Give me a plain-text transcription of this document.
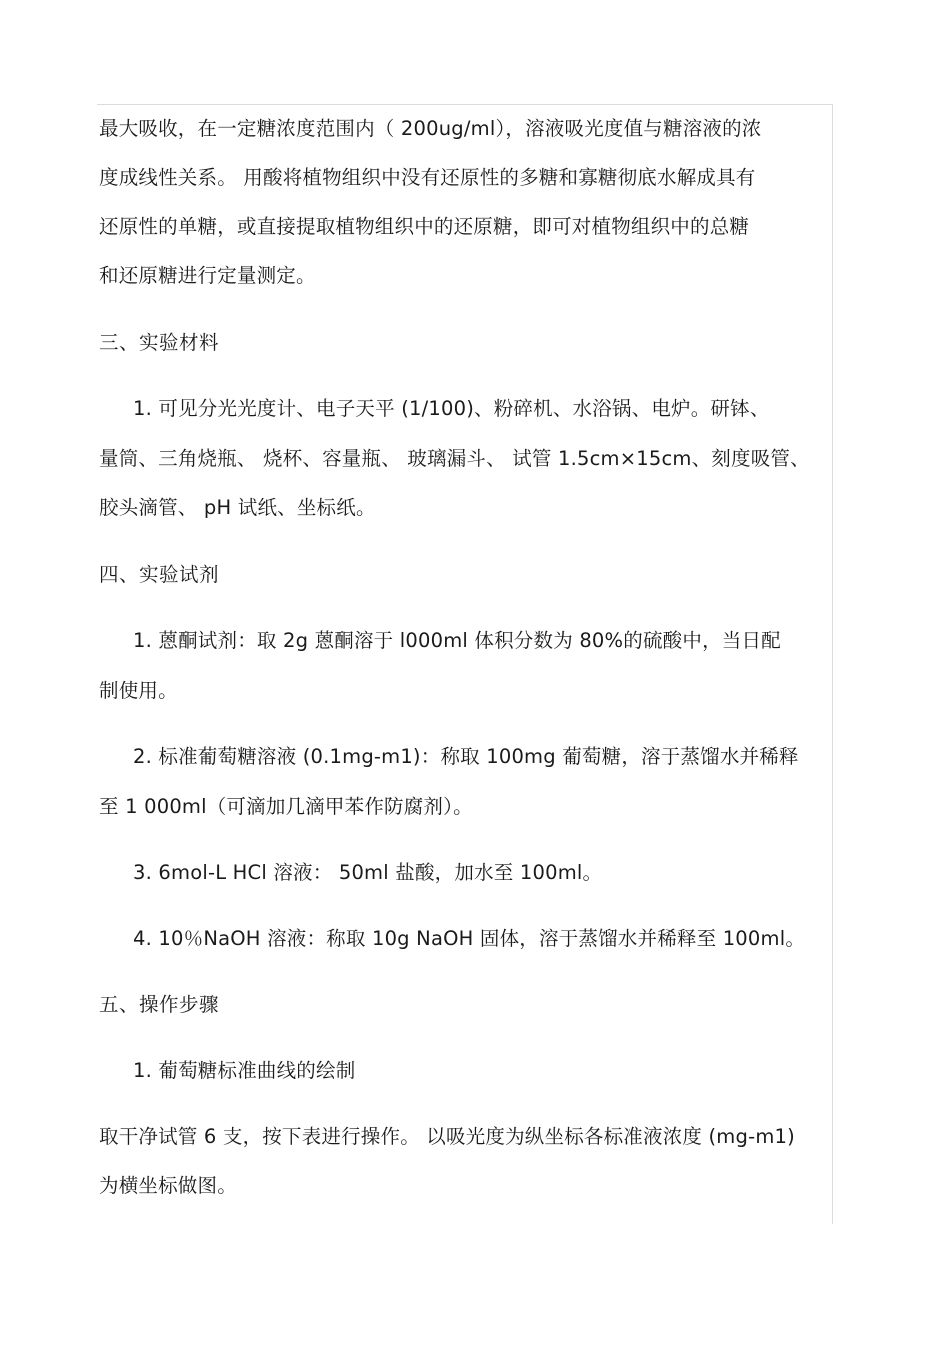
最大吸收，在一定糖浓度范围内（ 200ug/ml），溶液吸光度值与糖溶液的浓
度成线性关系。 用酸将植物组织中没有还原性的多糖和寡糖彻底水解成具有
还原性的单糖，或直接提取植物组织中的还原糖，即可对植物组织中的总糖
和还原糖进行定量测定。
三、实验材料
1. 可见分光光度计、电子天平 (1/100)、粉碎机、水浴锅、电炉。研钵、
量筒、三角烧瓶、 烧杯、容量瓶、 玻璃漏斗、 试管 1.5cm×15cm、刻度吸管、
胶头滴管、 pH 试纸、坐标纸。
四、实验试剂
1. 蒽酮试剂：取 2g 蒽酮溶于 l000ml 体积分数为 80%的硫酸中，当日配
制使用。
2. 标准葡萄糖溶液 (0.1mg-m1)：称取 100mg 葡萄糖，溶于蒸馏水并稀释
至 1 000ml（可滴加几滴甲苯作防腐剂）。
3. 6mol-L HCl 溶液： 50ml 盐酸，加水至 100ml。
4. 10％NaOH 溶液：称取 10g NaOH 固体，溶于蒸馏水并稀释至 100ml。
五、操作步骤
1. 葡萄糖标准曲线的绘制
取干净试管 6 支，按下表进行操作。 以吸光度为纵坐标各标准液浓度 (mg-m1)
为横坐标做图。
